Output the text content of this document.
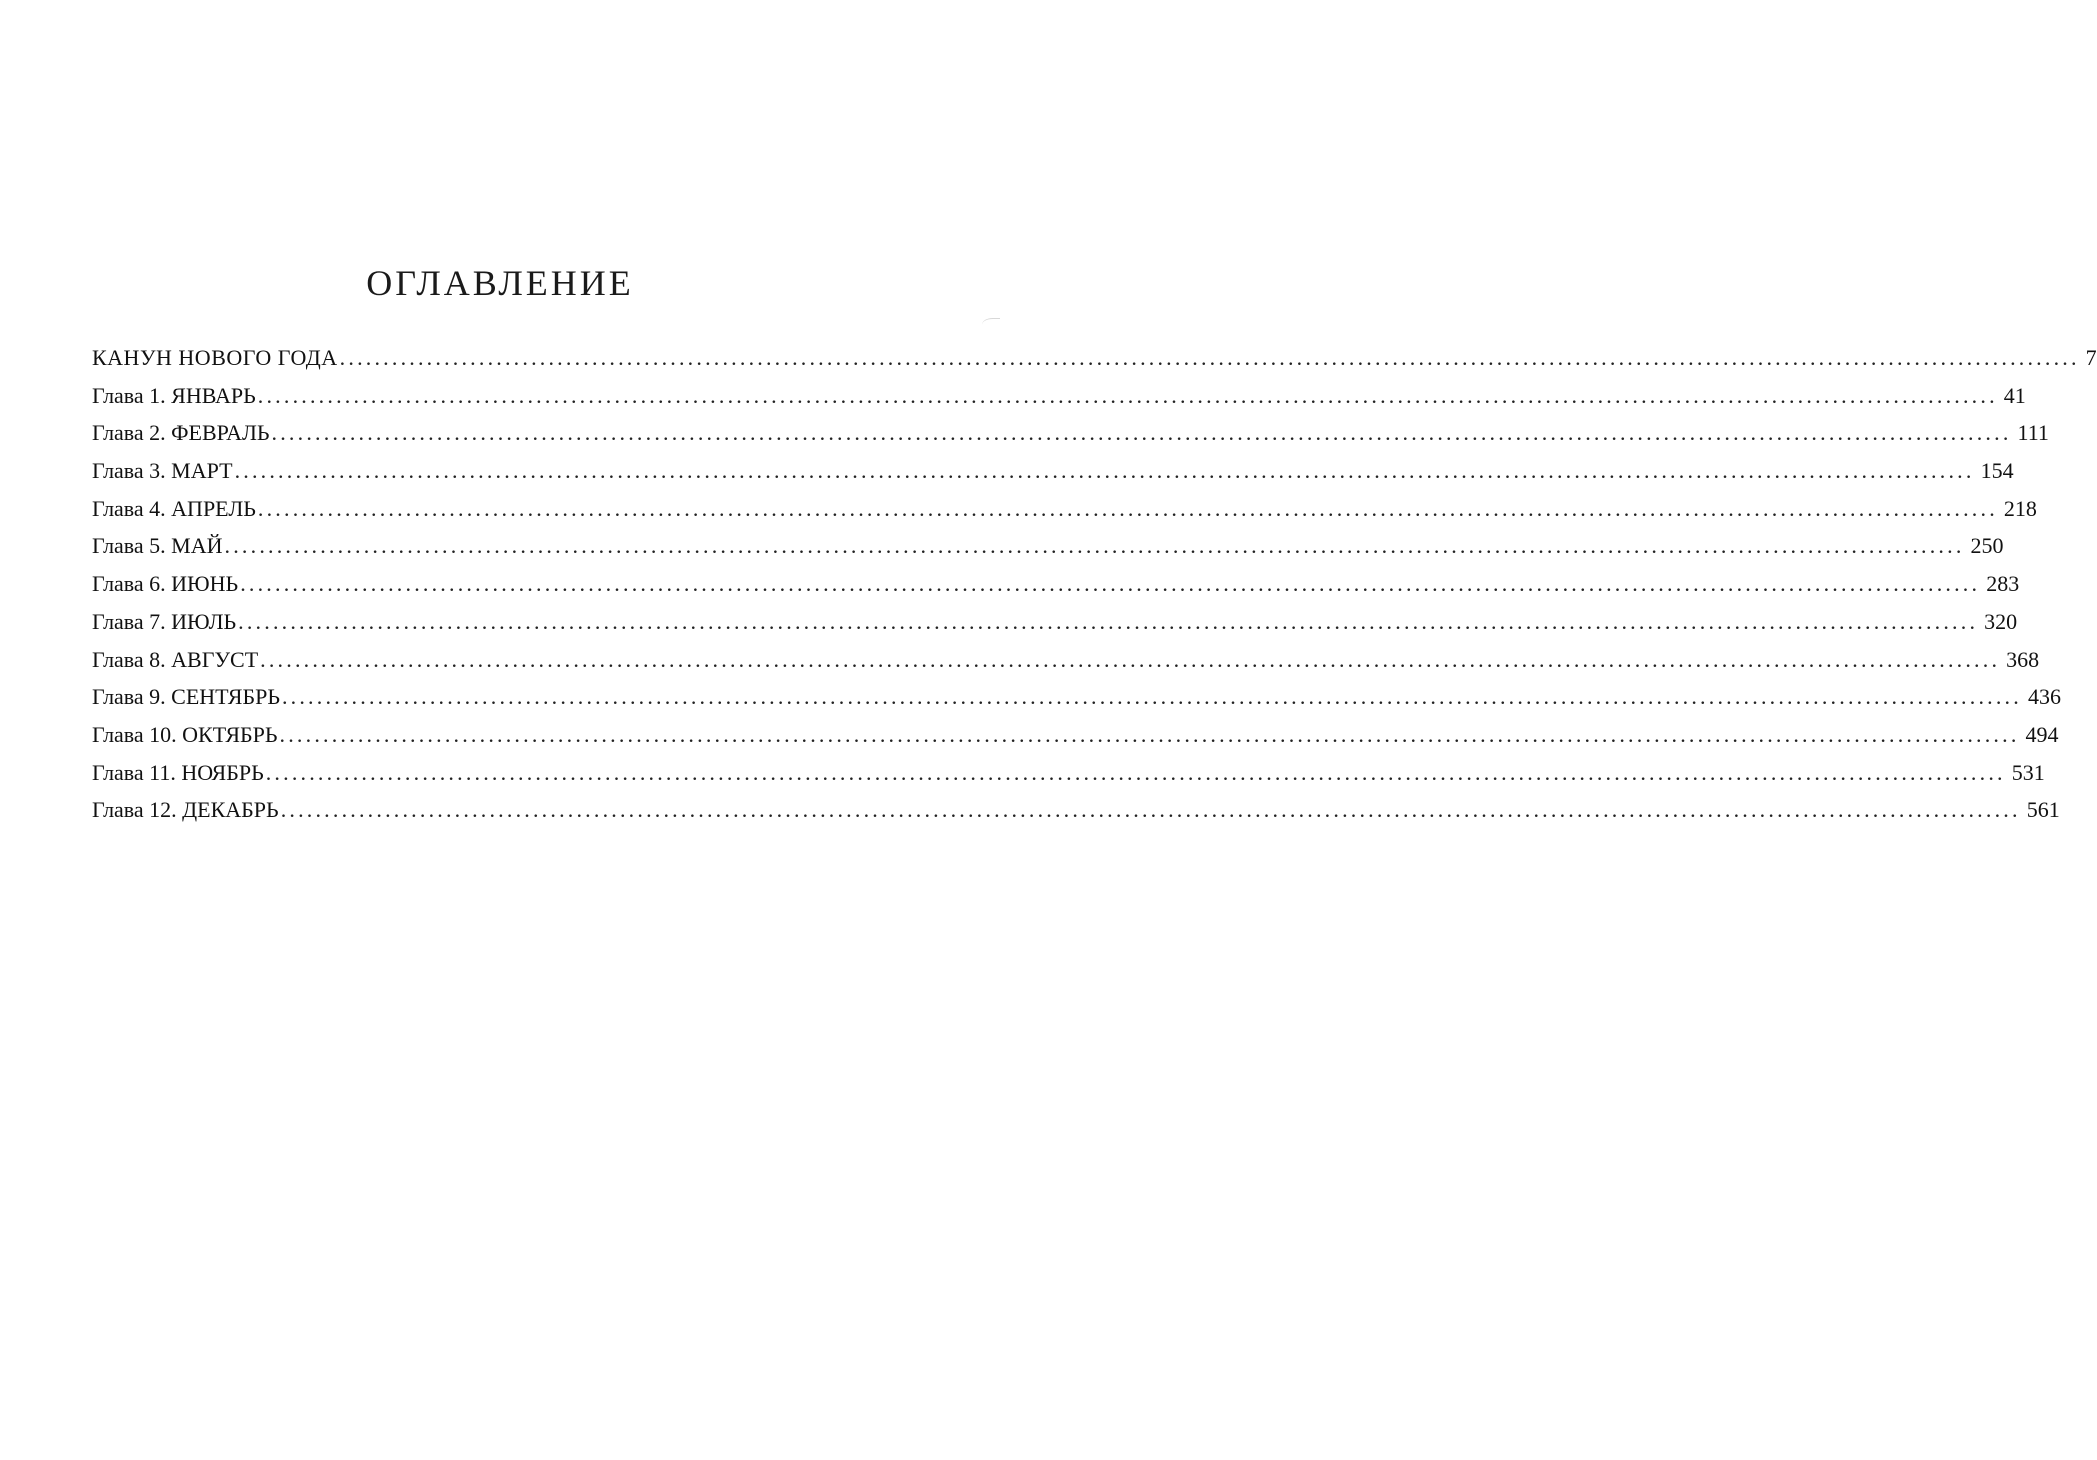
ОГЛАВЛЕНИЕ
КАНУН НОВОГО ГОДА ........................................................................................................................................................................................................ 7
Глава 1. ЯНВАРЬ ........................................................................................................................................................................................................ 41
Глава 2. ФЕВРАЛЬ ........................................................................................................................................................................................................ 111
Глава 3. МАРТ ........................................................................................................................................................................................................ 154
Глава 4. АПРЕЛЬ ........................................................................................................................................................................................................ 218
Глава 5. МАЙ ........................................................................................................................................................................................................ 250
Глава 6. ИЮНЬ ........................................................................................................................................................................................................ 283
Глава 7. ИЮЛЬ ........................................................................................................................................................................................................ 320
Глава 8. АВГУСТ ........................................................................................................................................................................................................ 368
Глава 9. СЕНТЯБРЬ ........................................................................................................................................................................................................ 436
Глава 10. ОКТЯБРЬ ........................................................................................................................................................................................................ 494
Глава 11. НОЯБРЬ ........................................................................................................................................................................................................ 531
Глава 12. ДЕКАБРЬ ........................................................................................................................................................................................................ 561
